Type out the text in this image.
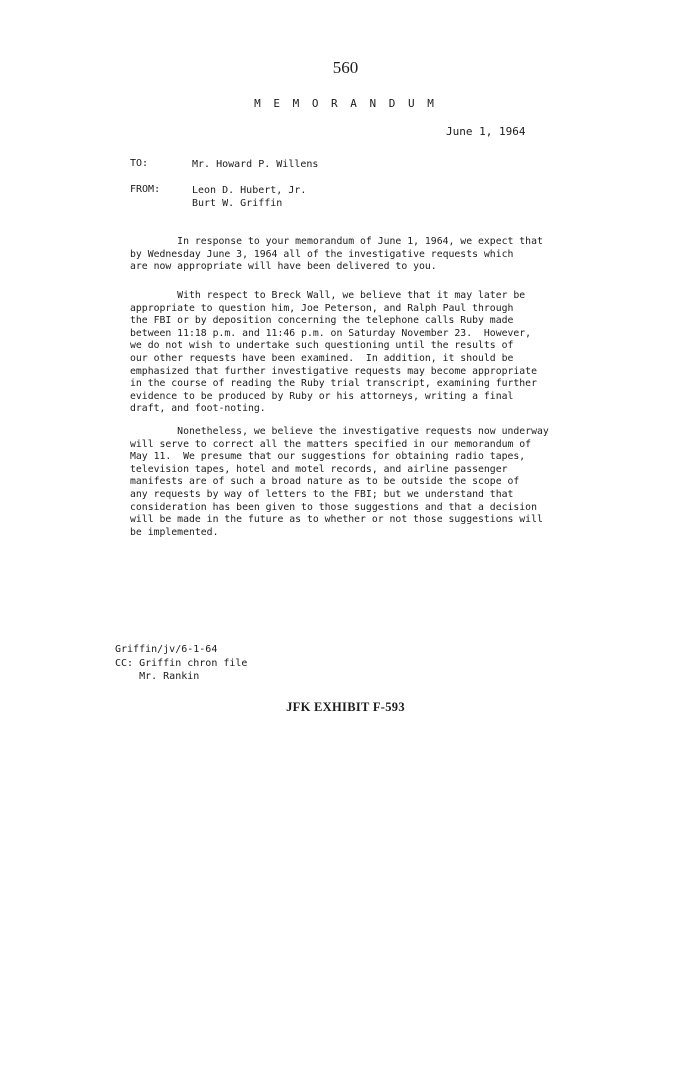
560
M E M O R A N D U M
June 1, 1964
TO:	Mr. Howard P. Willens
FROM:	Leon D. Hubert, Jr.
Burt W. Griffin
In response to your memorandum of June 1, 1964, we expect that
by Wednesday June 3, 1964 all of the investigative requests which
are now appropriate will have been delivered to you.
With respect to Breck Wall, we believe that it may later be
appropriate to question him, Joe Peterson, and Ralph Paul through
the FBI or by deposition concerning the telephone calls Ruby made
between 11:18 p.m. and 11:46 p.m. on Saturday November 23.  However,
we do not wish to undertake such questioning until the results of
our other requests have been examined.  In addition, it should be
emphasized that further investigative requests may become appropriate
in the course of reading the Ruby trial transcript, examining further
evidence to be produced by Ruby or his attorneys, writing a final
draft, and foot-noting.
Nonetheless, we believe the investigative requests now underway
will serve to correct all the matters specified in our memorandum of
May 11.  We presume that our suggestions for obtaining radio tapes,
television tapes, hotel and motel records, and airline passenger
manifests are of such a broad nature as to be outside the scope of
any requests by way of letters to the FBI; but we understand that
consideration has been given to those suggestions and that a decision
will be made in the future as to whether or not those suggestions will
be implemented.
Griffin/jv/6-1-64
CC: Griffin chron file
Mr. Rankin
JFK EXHIBIT F-593
